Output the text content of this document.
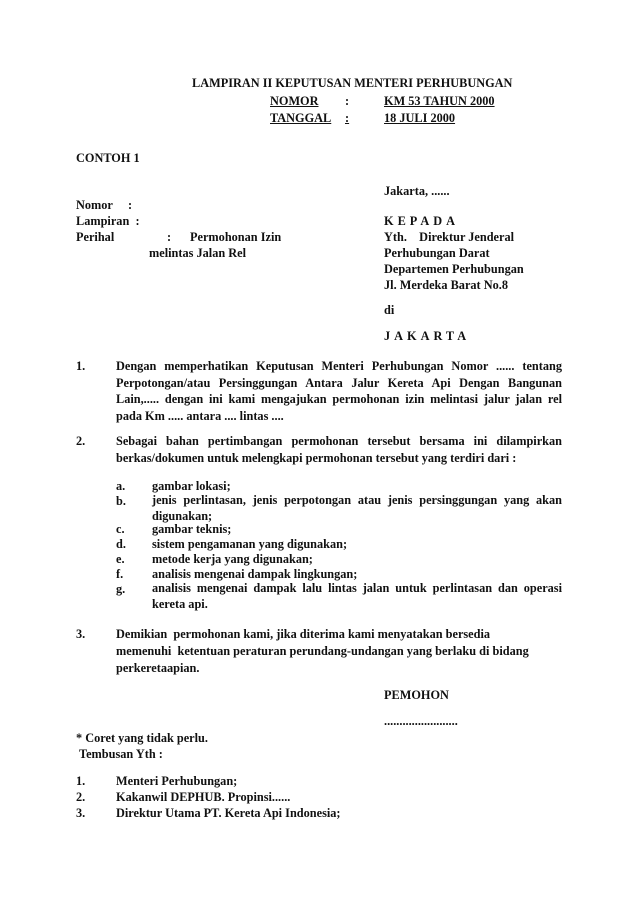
LAMPIRAN II KEPUTUSAN MENTERI PERHUBUNGAN
NOMOR :	KM 53 TAHUN 2000
TANGGAL :	18 JULI 2000
CONTOH 1
Jakarta, ......
Nomor     :
Lampiran  :
Perihal	: Permohonan Izin
melintas Jalan Rel
KEPADA
Yth.    Direktur Jenderal
Perhubungan Darat
Departemen Perhubungan
Jl. Merdeka Barat No.8
di
JAKARTA
1.	Dengan memperhatikan Keputusan Menteri Perhubungan Nomor ...... tentang Perpotongan/atau Persinggungan Antara Jalur Kereta Api Dengan Bangunan Lain,..... dengan ini kami mengajukan permohonan izin melintasi jalur jalan rel pada Km ..... antara .... lintas ....
2.	Sebagai bahan pertimbangan permohonan tersebut bersama ini dilampirkan berkas/dokumen untuk melengkapi permohonan tersebut yang terdiri dari :
a. gambar lokasi;
b. jenis perlintasan, jenis perpotongan atau jenis persinggungan yang akan digunakan;
c. gambar teknis;
d. sistem pengamanan yang digunakan;
e. metode kerja yang digunakan;
f. analisis mengenai dampak lingkungan;
g. analisis mengenai dampak lalu lintas jalan untuk perlintasan dan operasi kereta api.
3.	Demikian  permohonan kami, jika diterima kami menyatakan bersedia
memenuhi  ketentuan peraturan perundang-undangan yang berlaku di bidang
perkeretaapian.
PEMOHON
........................
* Coret yang tidak perlu.
Tembusan Yth :
1.	Menteri Perhubungan;
2.	Kakanwil DEPHUB. Propinsi......
3.	Direktur Utama PT. Kereta Api Indonesia;
